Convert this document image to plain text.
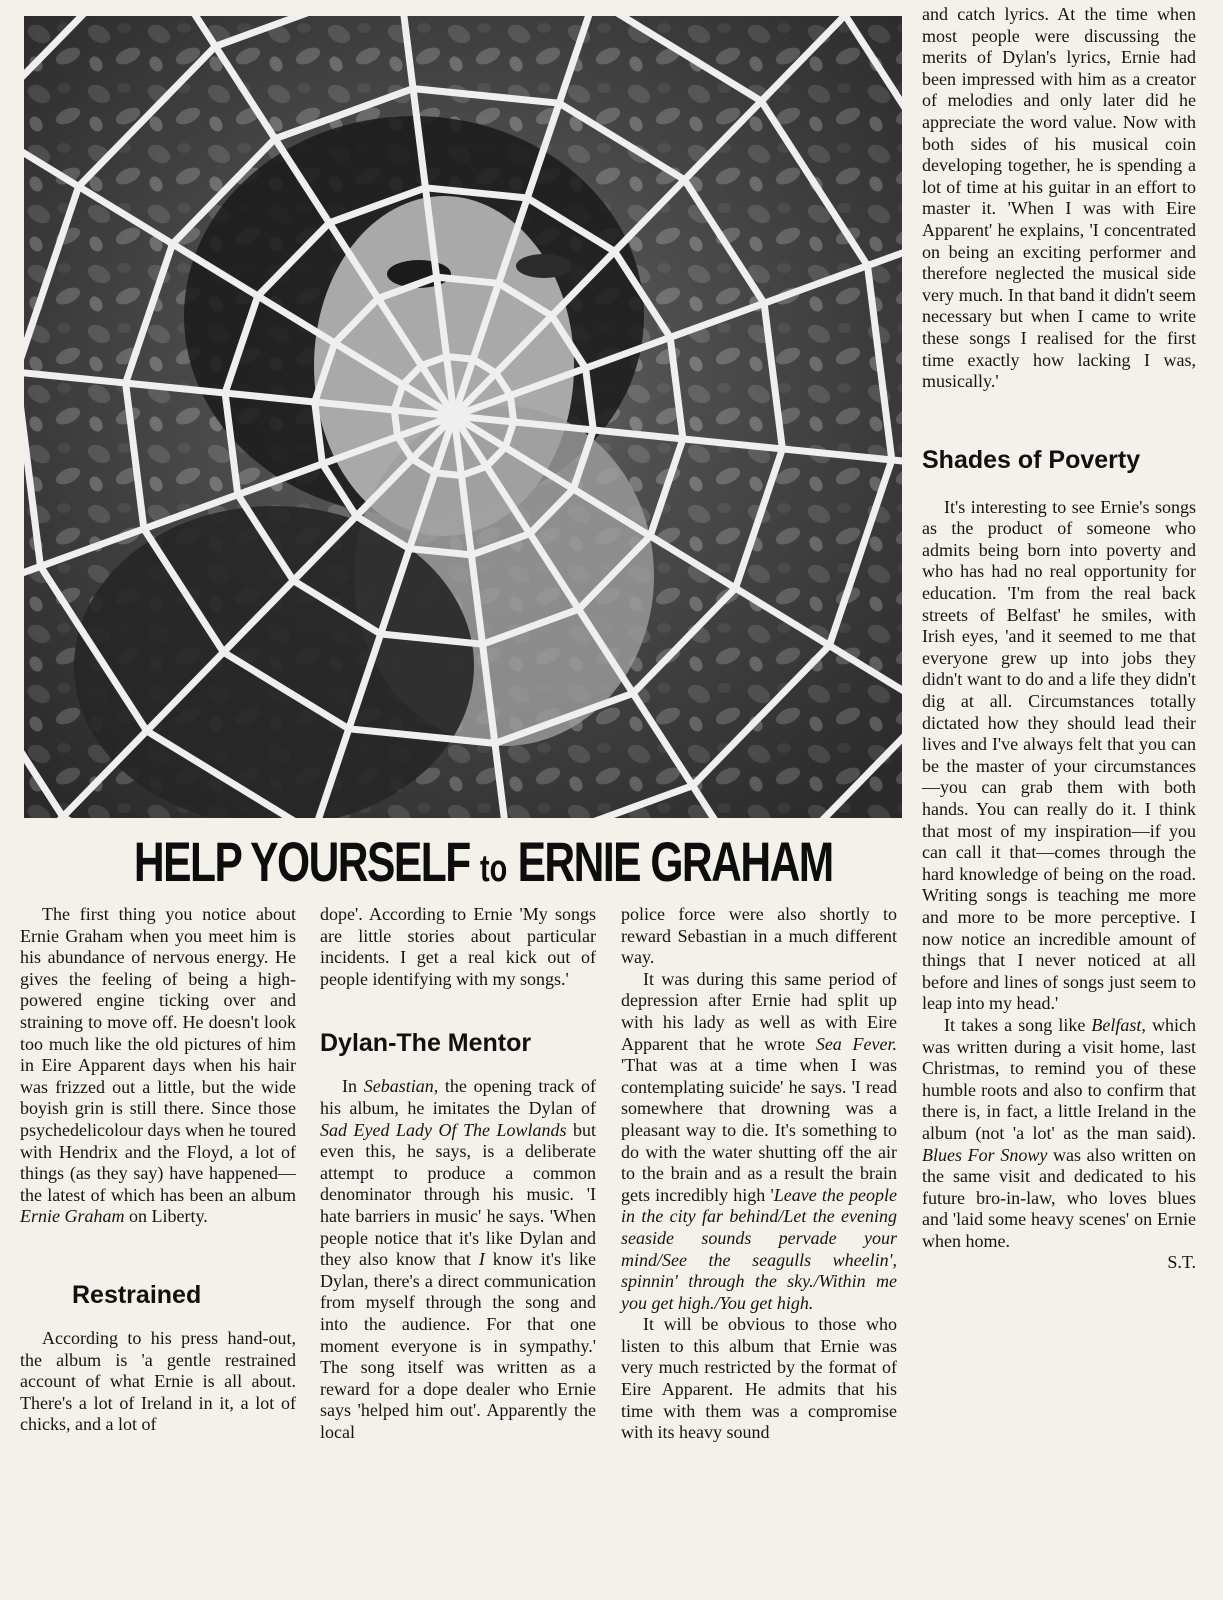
HELP YOURSELF to ERNIE GRAHAM

The first thing you notice about Ernie Graham when you meet him is his abundance of nervous energy. He gives the feeling of being a high-powered engine ticking over and straining to move off. He doesn't look too much like the old pictures of him in Eire Apparent days when his hair was frizzed out a little, but the wide boyish grin is still there. Since those psychedelicolour days when he toured with Hendrix and the Floyd, a lot of things (as they say) have happened—the latest of which has been an album Ernie Graham on Liberty.

Restrained

According to his press hand-out, the album is 'a gentle restrained account of what Ernie is all about. There's a lot of Ireland in it, a lot of chicks, and a lot of

dope'. According to Ernie 'My songs are little stories about particular incidents. I get a real kick out of people identifying with my songs.'

Dylan-The Mentor

In Sebastian, the opening track of his album, he imitates the Dylan of Sad Eyed Lady Of The Lowlands but even this, he says, is a deliberate attempt to produce a common denominator through his music. 'I hate barriers in music' he says. 'When people notice that it's like Dylan and they also know that I know it's like Dylan, there's a direct communication from myself through the song and into the audience. For that one moment everyone is in sympathy.' The song itself was written as a reward for a dope dealer who Ernie says 'helped him out'. Apparently the local

police force were also shortly to reward Sebastian in a much different way.

It was during this same period of depression after Ernie had split up with his lady as well as with Eire Apparent that he wrote Sea Fever. 'That was at a time when I was contemplating suicide' he says. 'I read somewhere that drowning was a pleasant way to die. It's something to do with the water shutting off the air to the brain and as a result the brain gets incredibly high 'Leave the people in the city far behind/Let the evening seaside sounds pervade your mind/See the seagulls wheelin', spinnin' through the sky./Within me you get high./You get high.

It will be obvious to those who listen to this album that Ernie was very much restricted by the format of Eire Apparent. He admits that his time with them was a compromise with its heavy sound

and catch lyrics. At the time when most people were discussing the merits of Dylan's lyrics, Ernie had been impressed with him as a creator of melodies and only later did he appreciate the word value. Now with both sides of his musical coin developing together, he is spending a lot of time at his guitar in an effort to master it. 'When I was with Eire Apparent' he explains, 'I concentrated on being an exciting performer and therefore neglected the musical side very much. In that band it didn't seem necessary but when I came to write these songs I realised for the first time exactly how lacking I was, musically.'

Shades of Poverty

It's interesting to see Ernie's songs as the product of someone who admits being born into poverty and who has had no real opportunity for education. 'I'm from the real back streets of Belfast' he smiles, with Irish eyes, 'and it seemed to me that everyone grew up into jobs they didn't want to do and a life they didn't dig at all. Circumstances totally dictated how they should lead their lives and I've always felt that you can be the master of your circumstances—you can grab them with both hands. You can really do it. I think that most of my inspiration—if you can call it that—comes through the hard knowledge of being on the road. Writing songs is teaching me more and more to be more perceptive. I now notice an incredible amount of things that I never noticed at all before and lines of songs just seem to leap into my head.'

It takes a song like Belfast, which was written during a visit home, last Christmas, to remind you of these humble roots and also to confirm that there is, in fact, a little Ireland in the album (not 'a lot' as the man said). Blues For Snowy was also written on the same visit and dedicated to his future bro-in-law, who loves blues and 'laid some heavy scenes' on Ernie when home.

S.T.
